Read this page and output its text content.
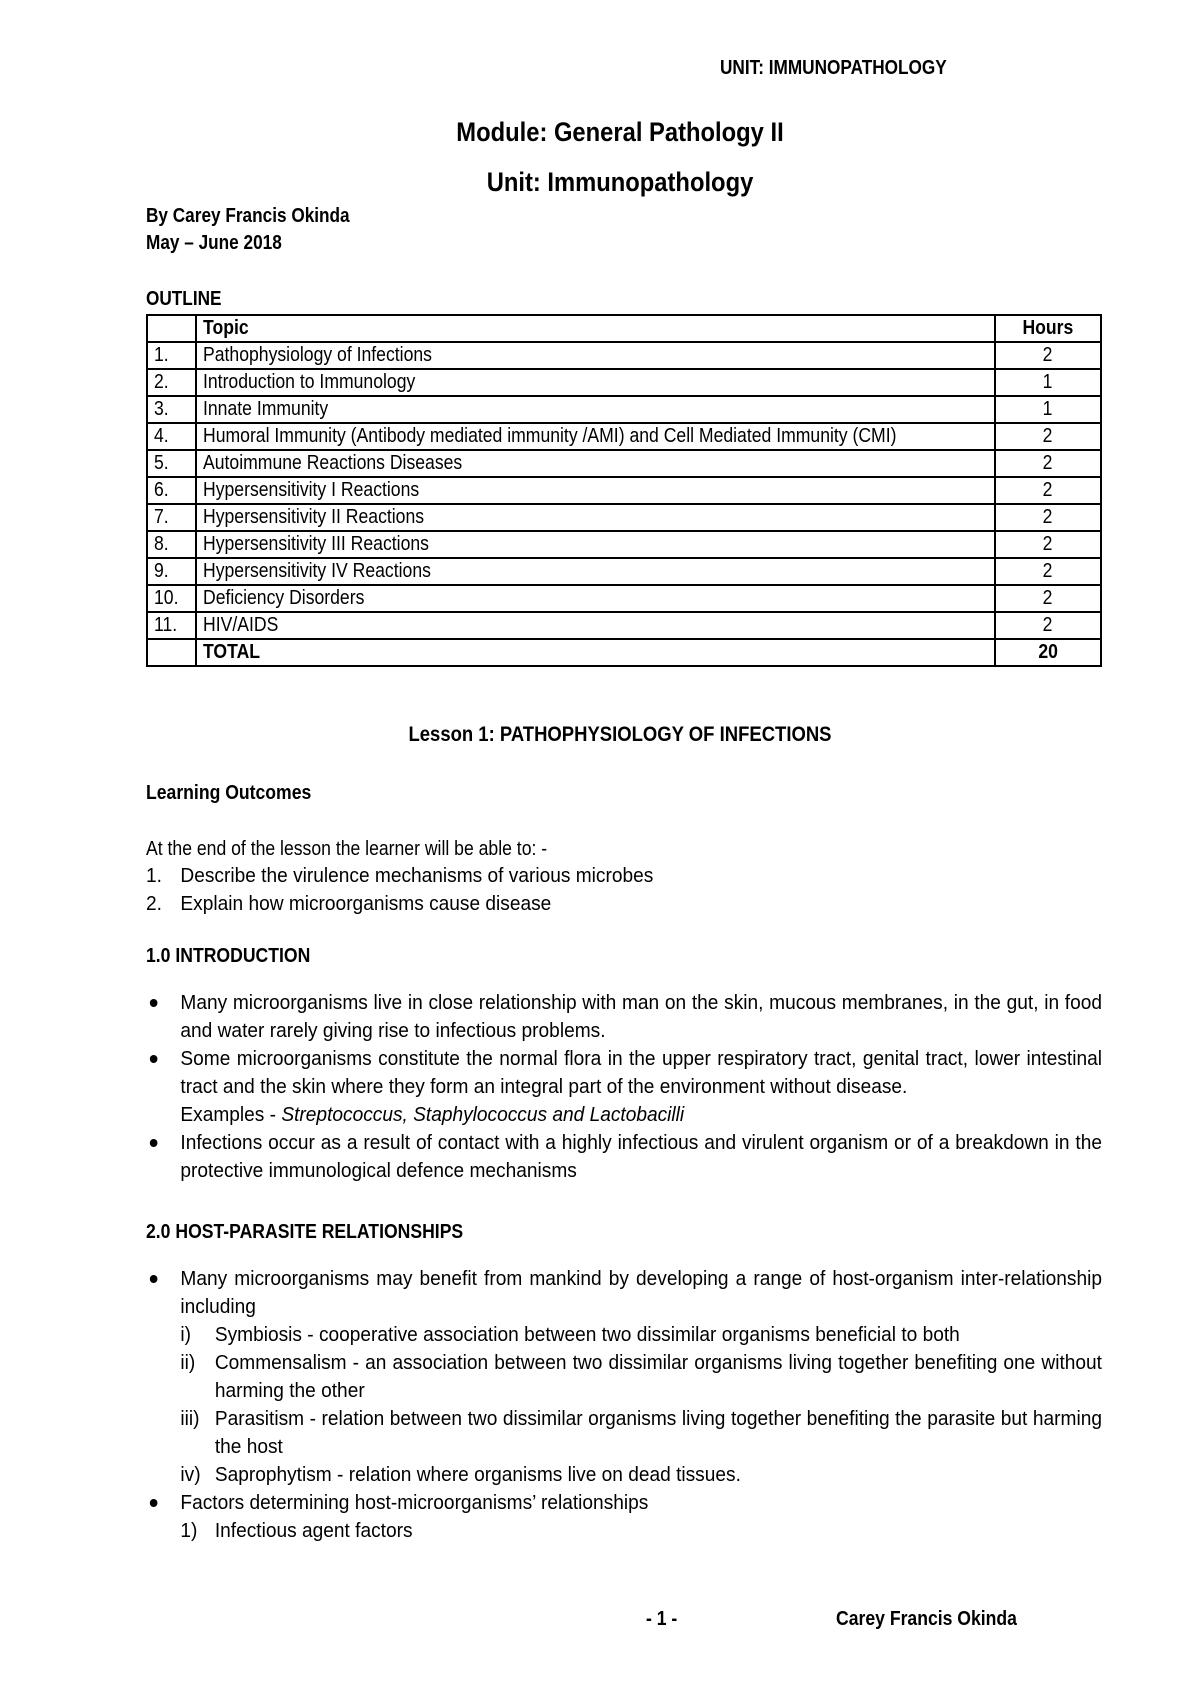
UNIT: IMMUNOPATHOLOGY
Module: General Pathology II
Unit: Immunopathology
By Carey Francis Okinda
May – June 2018
OUTLINE
	Topic	Hours
1.	Pathophysiology of Infections	2
2.	Introduction to Immunology	1
3.	Innate Immunity	1
4.	Humoral Immunity (Antibody mediated immunity /AMI) and Cell Mediated Immunity (CMI)	2
5.	Autoimmune Reactions Diseases	2
6.	Hypersensitivity I Reactions	2
7.	Hypersensitivity II Reactions	2
8.	Hypersensitivity III Reactions	2
9.	Hypersensitivity IV Reactions	2
10.	Deficiency Disorders	2
11.	HIV/AIDS	2
	TOTAL	20
Lesson 1: PATHOPHYSIOLOGY OF INFECTIONS
Learning Outcomes
At the end of the lesson the learner will be able to: -
1. Describe the virulence mechanisms of various microbes
2. Explain how microorganisms cause disease
1.0 INTRODUCTION
Many microorganisms live in close relationship with man on the skin, mucous membranes, in the gut, in food and water rarely giving rise to infectious problems.
Some microorganisms constitute the normal flora in the upper respiratory tract, genital tract, lower intestinal tract and the skin where they form an integral part of the environment without disease.
Examples - Streptococcus, Staphylococcus and Lactobacilli
Infections occur as a result of contact with a highly infectious and virulent organism or of a breakdown in the protective immunological defence mechanisms
2.0 HOST-PARASITE RELATIONSHIPS
Many microorganisms may benefit from mankind by developing a range of host-organism inter-relationship including
i) Symbiosis - cooperative association between two dissimilar organisms beneficial to both
ii) Commensalism - an association between two dissimilar organisms living together benefiting one without harming the other
iii) Parasitism - relation between two dissimilar organisms living together benefiting the parasite but harming the host
iv) Saprophytism - relation where organisms live on dead tissues.
Factors determining host-microorganisms’ relationships
1) Infectious agent factors
- 1 -	Carey Francis Okinda
